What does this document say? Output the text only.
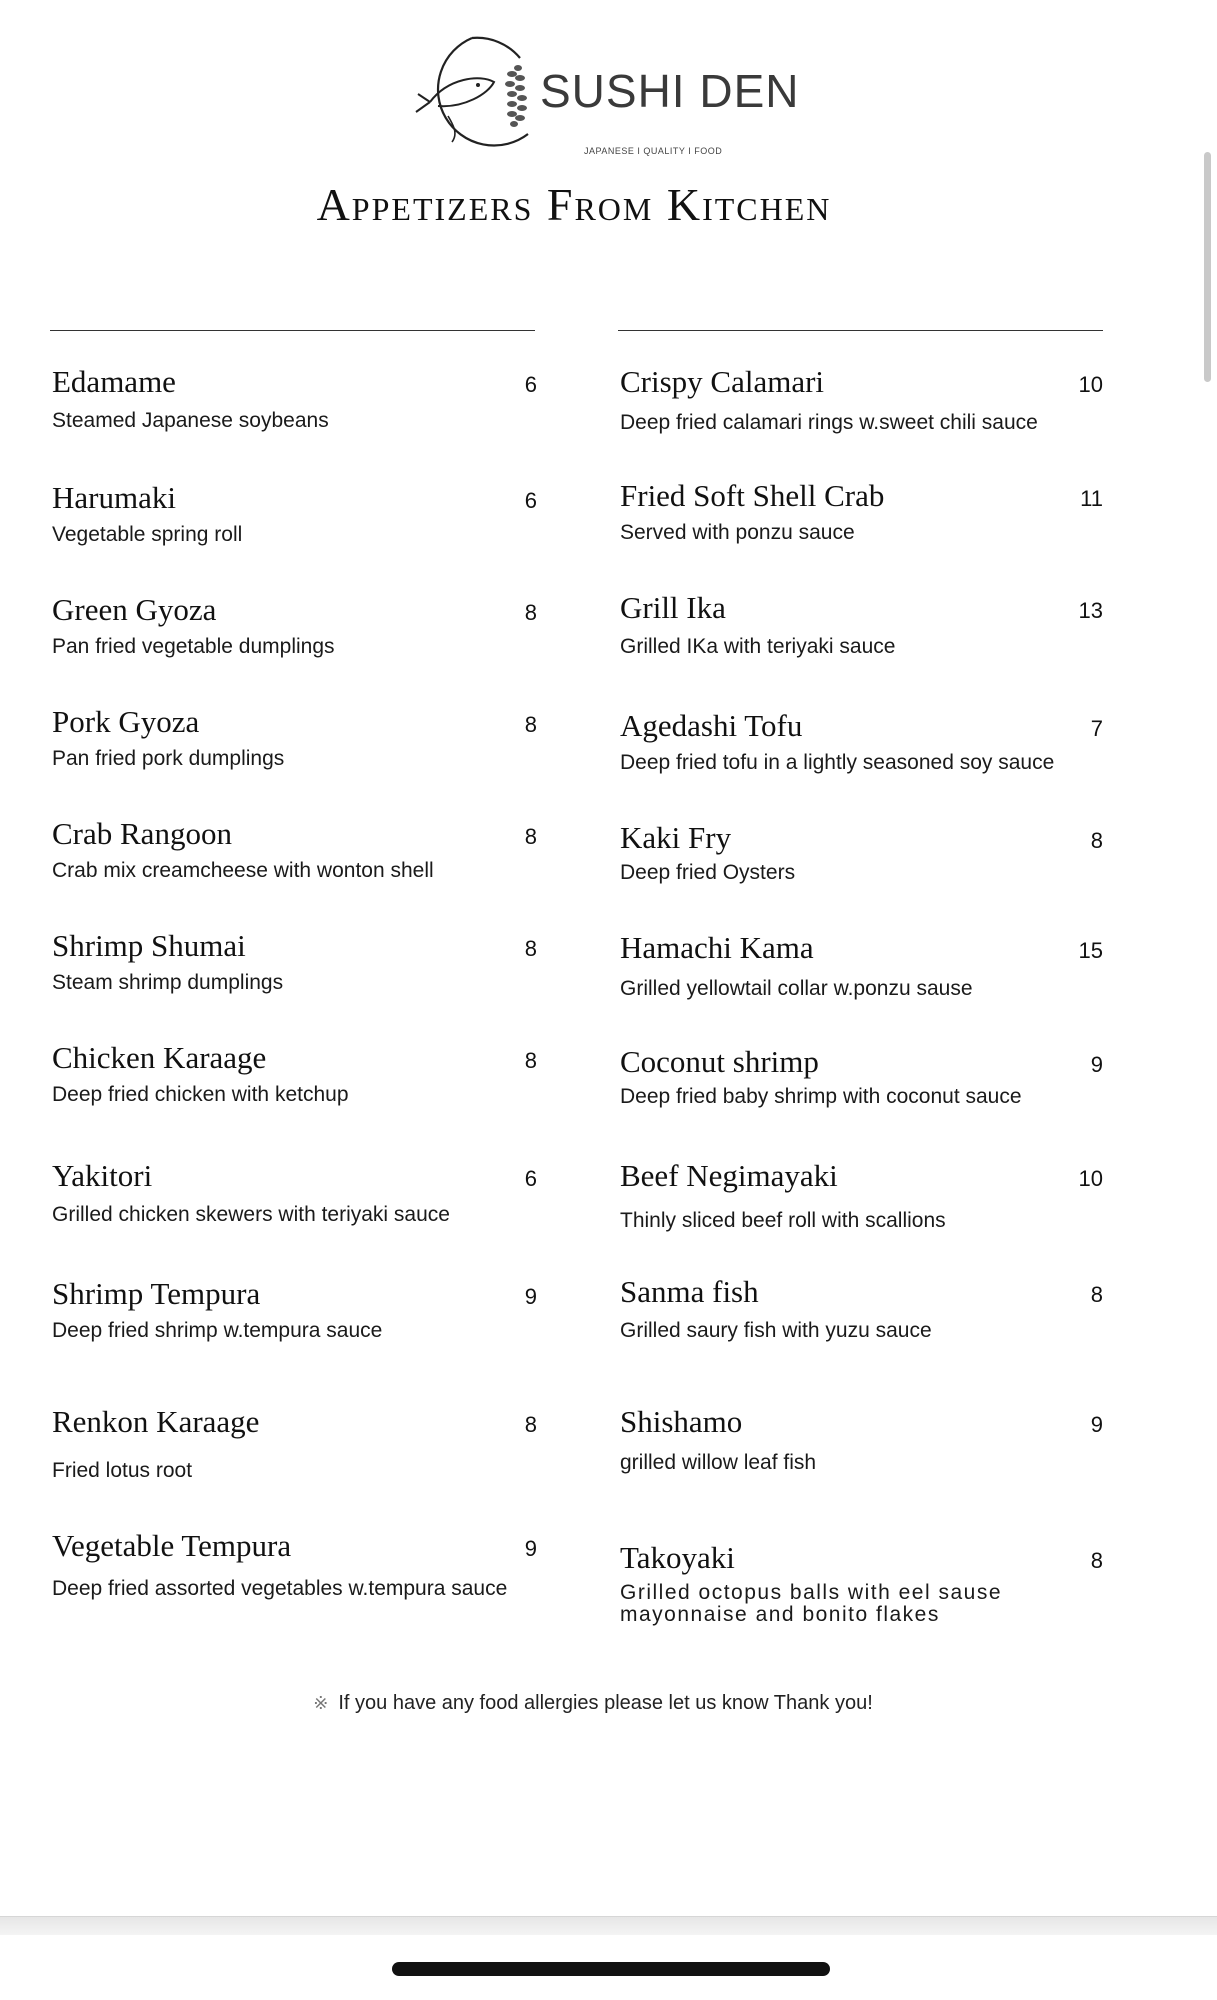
SUSHI DEN
JAPANESE I QUALITY I FOOD
Appetizers From Kitchen
Edamame	6
Steamed Japanese soybeans
Harumaki	6
Vegetable spring roll
Green Gyoza	8
Pan fried vegetable dumplings
Pork Gyoza	8
Pan fried pork dumplings
Crab Rangoon	8
Crab mix creamcheese with wonton shell
Shrimp Shumai	8
Steam shrimp dumplings
Chicken Karaage	8
Deep fried chicken with ketchup
Yakitori	6
Grilled chicken skewers with teriyaki sauce
Shrimp Tempura	9
Deep fried shrimp w.tempura sauce
Renkon Karaage	8
Fried lotus root
Vegetable Tempura	9
Deep fried assorted vegetables w.tempura sauce
Crispy Calamari	10
Deep fried calamari rings w.sweet chili sauce
Fried Soft Shell Crab	11
Served with ponzu sauce
Grill Ika	13
Grilled IKa with teriyaki sauce
Agedashi Tofu	7
Deep fried tofu in a lightly seasoned soy sauce
Kaki Fry	8
Deep fried Oysters
Hamachi Kama	15
Grilled yellowtail collar w.ponzu sause
Coconut shrimp	9
Deep fried baby shrimp with coconut sauce
Beef Negimayaki	10
Thinly sliced beef roll with scallions
Sanma fish	8
Grilled saury fish with yuzu sauce
Shishamo	9
grilled willow leaf fish
Takoyaki	8
Grilled octopus balls with eel sause mayonnaise and bonito flakes
※ If you have any food allergies please let us know Thank you!
